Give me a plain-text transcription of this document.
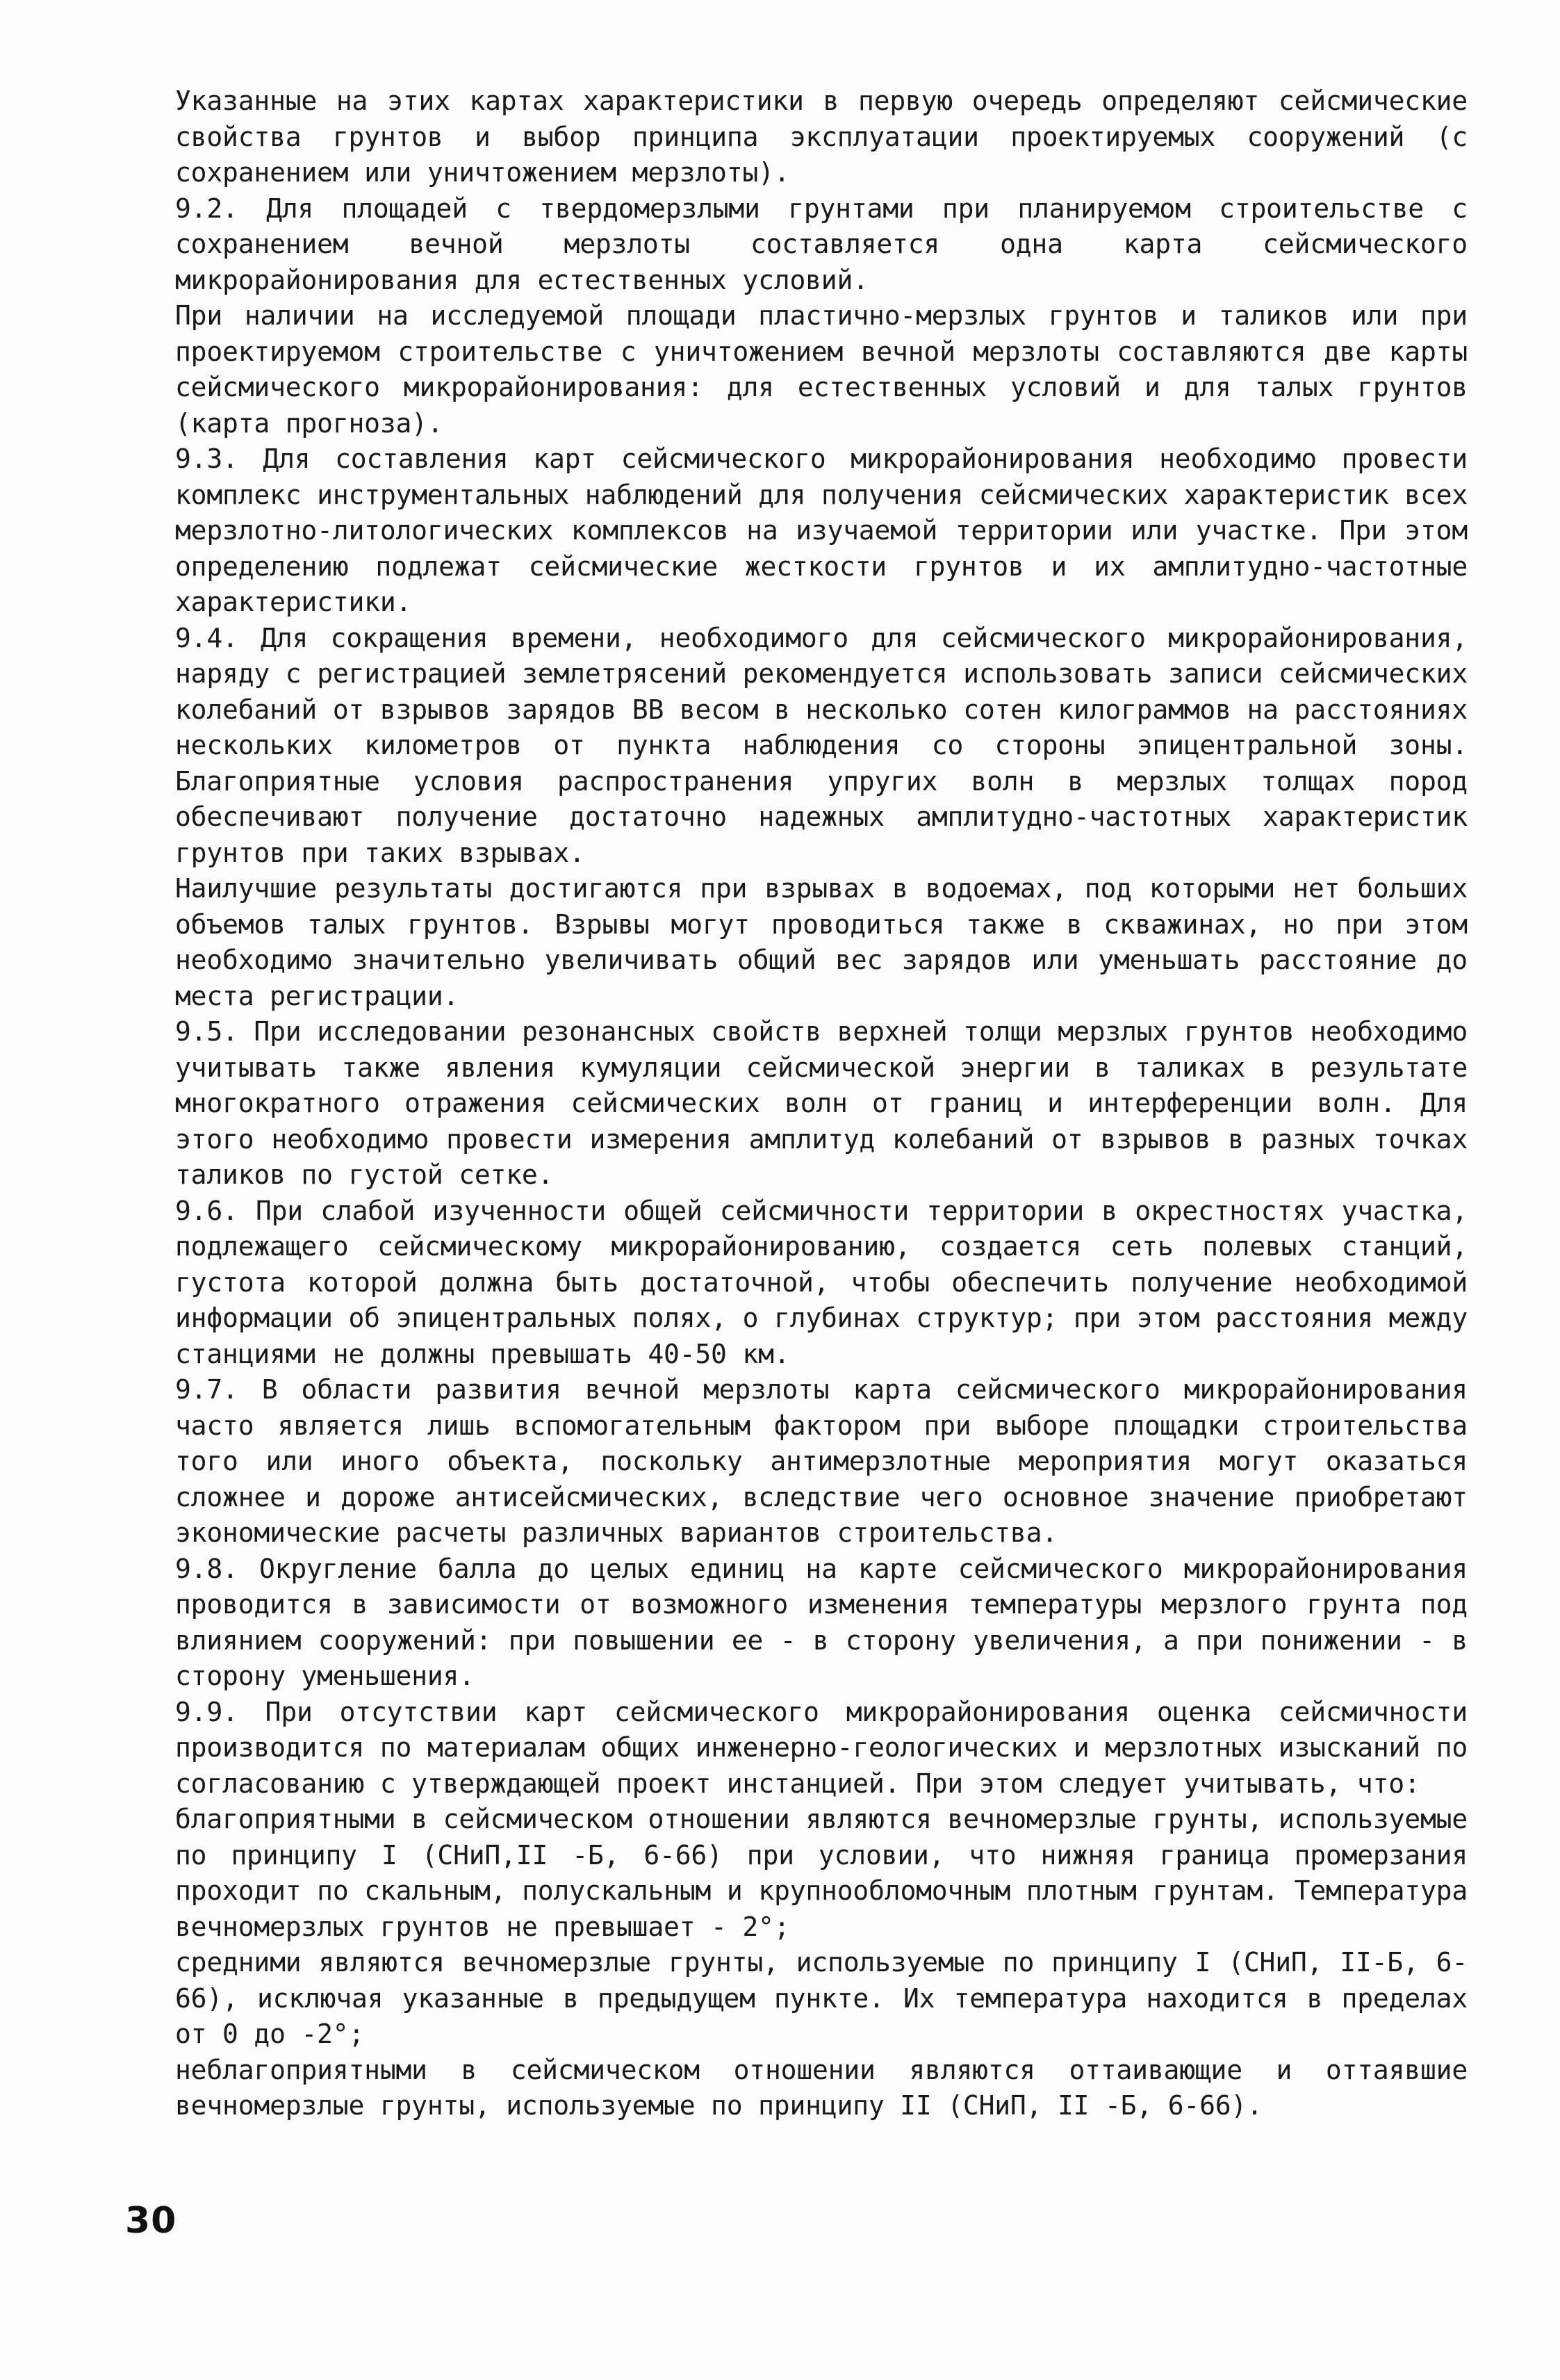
Указанные на этих картах характеристики в первую очередь определяют сейсмические свойства грунтов и выбор принципа эксплуатации проектируемых сооружений (с сохранением или уничтожением мерзлоты).

9.2. Для площадей с твердомерзлыми грунтами при планируемом строительстве с сохранением вечной мерзлоты составляется одна карта сейсмического микрорайонирования для естественных условий.

При наличии на исследуемой площади пластично-мерзлых грунтов и таликов или при проектируемом строительстве с уничтожением вечной мерзлоты составляются две карты сейсмического микрорайонирования: для естественных условий и для талых грунтов (карта прогноза).

9.3. Для составления карт сейсмического микрорайонирования необходимо провести комплекс инструментальных наблюдений для получения сейсмических характеристик всех мерзлотно-литологических комплексов на изучаемой территории или участке. При этом определению подлежат сейсмические жесткости грунтов и их амплитудно-частотные характеристики.

9.4. Для сокращения времени, необходимого для сейсмического микрорайонирования, наряду с регистрацией землетрясений рекомендуется использовать записи сейсмических колебаний от взрывов зарядов ВВ весом в несколько сотен килограммов на расстояниях нескольких километров от пункта наблюдения со стороны эпицентральной зоны. Благоприятные условия распространения упругих волн в мерзлых толщах пород обеспечивают получение достаточно надежных амплитудно-частотных характеристик грунтов при таких взрывах.

Наилучшие результаты достигаются при взрывах в водоемах, под которыми нет больших объемов талых грунтов. Взрывы могут проводиться также в скважинах, но при этом необходимо значительно увеличивать общий вес зарядов или уменьшать расстояние до места регистрации.

9.5. При исследовании резонансных свойств верхней толщи мерзлых грунтов необходимо учитывать также явления кумуляции сейсмической энергии в таликах в результате многократного отражения сейсмических волн от границ и интерференции волн. Для этого необходимо провести измерения амплитуд колебаний от взрывов в разных точках таликов по густой сетке.

9.6. При слабой изученности общей сейсмичности территории в окрестностях участка, подлежащего сейсмическому микрорайонированию, создается сеть полевых станций, густота которой должна быть достаточной, чтобы обеспечить получение необходимой информации об эпицентральных полях, о глубинах структур; при этом расстояния между станциями не должны превышать 40-50 км.

9.7. В области развития вечной мерзлоты карта сейсмического микрорайонирования часто является лишь вспомогательным фактором при выборе площадки строительства того или иного объекта, поскольку антимерзлотные мероприятия могут оказаться сложнее и дороже антисейсмических, вследствие чего основное значение приобретают экономические расчеты различных вариантов строительства.

9.8. Округление балла до целых единиц на карте сейсмического микрорайонирования проводится в зависимости от возможного изменения температуры мерзлого грунта под влиянием сооружений: при повышении ее - в сторону увеличения, а при понижении - в сторону уменьшения.

9.9. При отсутствии карт сейсмического микрорайонирования оценка сейсмичности производится по материалам общих инженерно-геологических и мерзлотных изысканий по согласованию с утверждающей проект инстанцией. При этом следует учитывать, что:

благоприятными в сейсмическом отношении являются вечномерзлые грунты, используемые по принципу I (СНиП,II -Б, 6-66) при условии, что нижняя граница промерзания проходит по скальным, полускальным и крупнообломочным плотным грунтам. Температура вечномерзлых грунтов не превышает - 2°;

средними являются вечномерзлые грунты, используемые по принципу I (СНиП, II-Б, 6-66), исключая указанные в предыдущем пункте. Их температура находится в пределах от 0 до -2°;

неблагоприятными в сейсмическом отношении являются оттаивающие и оттаявшие вечномерзлые грунты, используемые по принципу II (СНиП, II -Б, 6-66).

30
